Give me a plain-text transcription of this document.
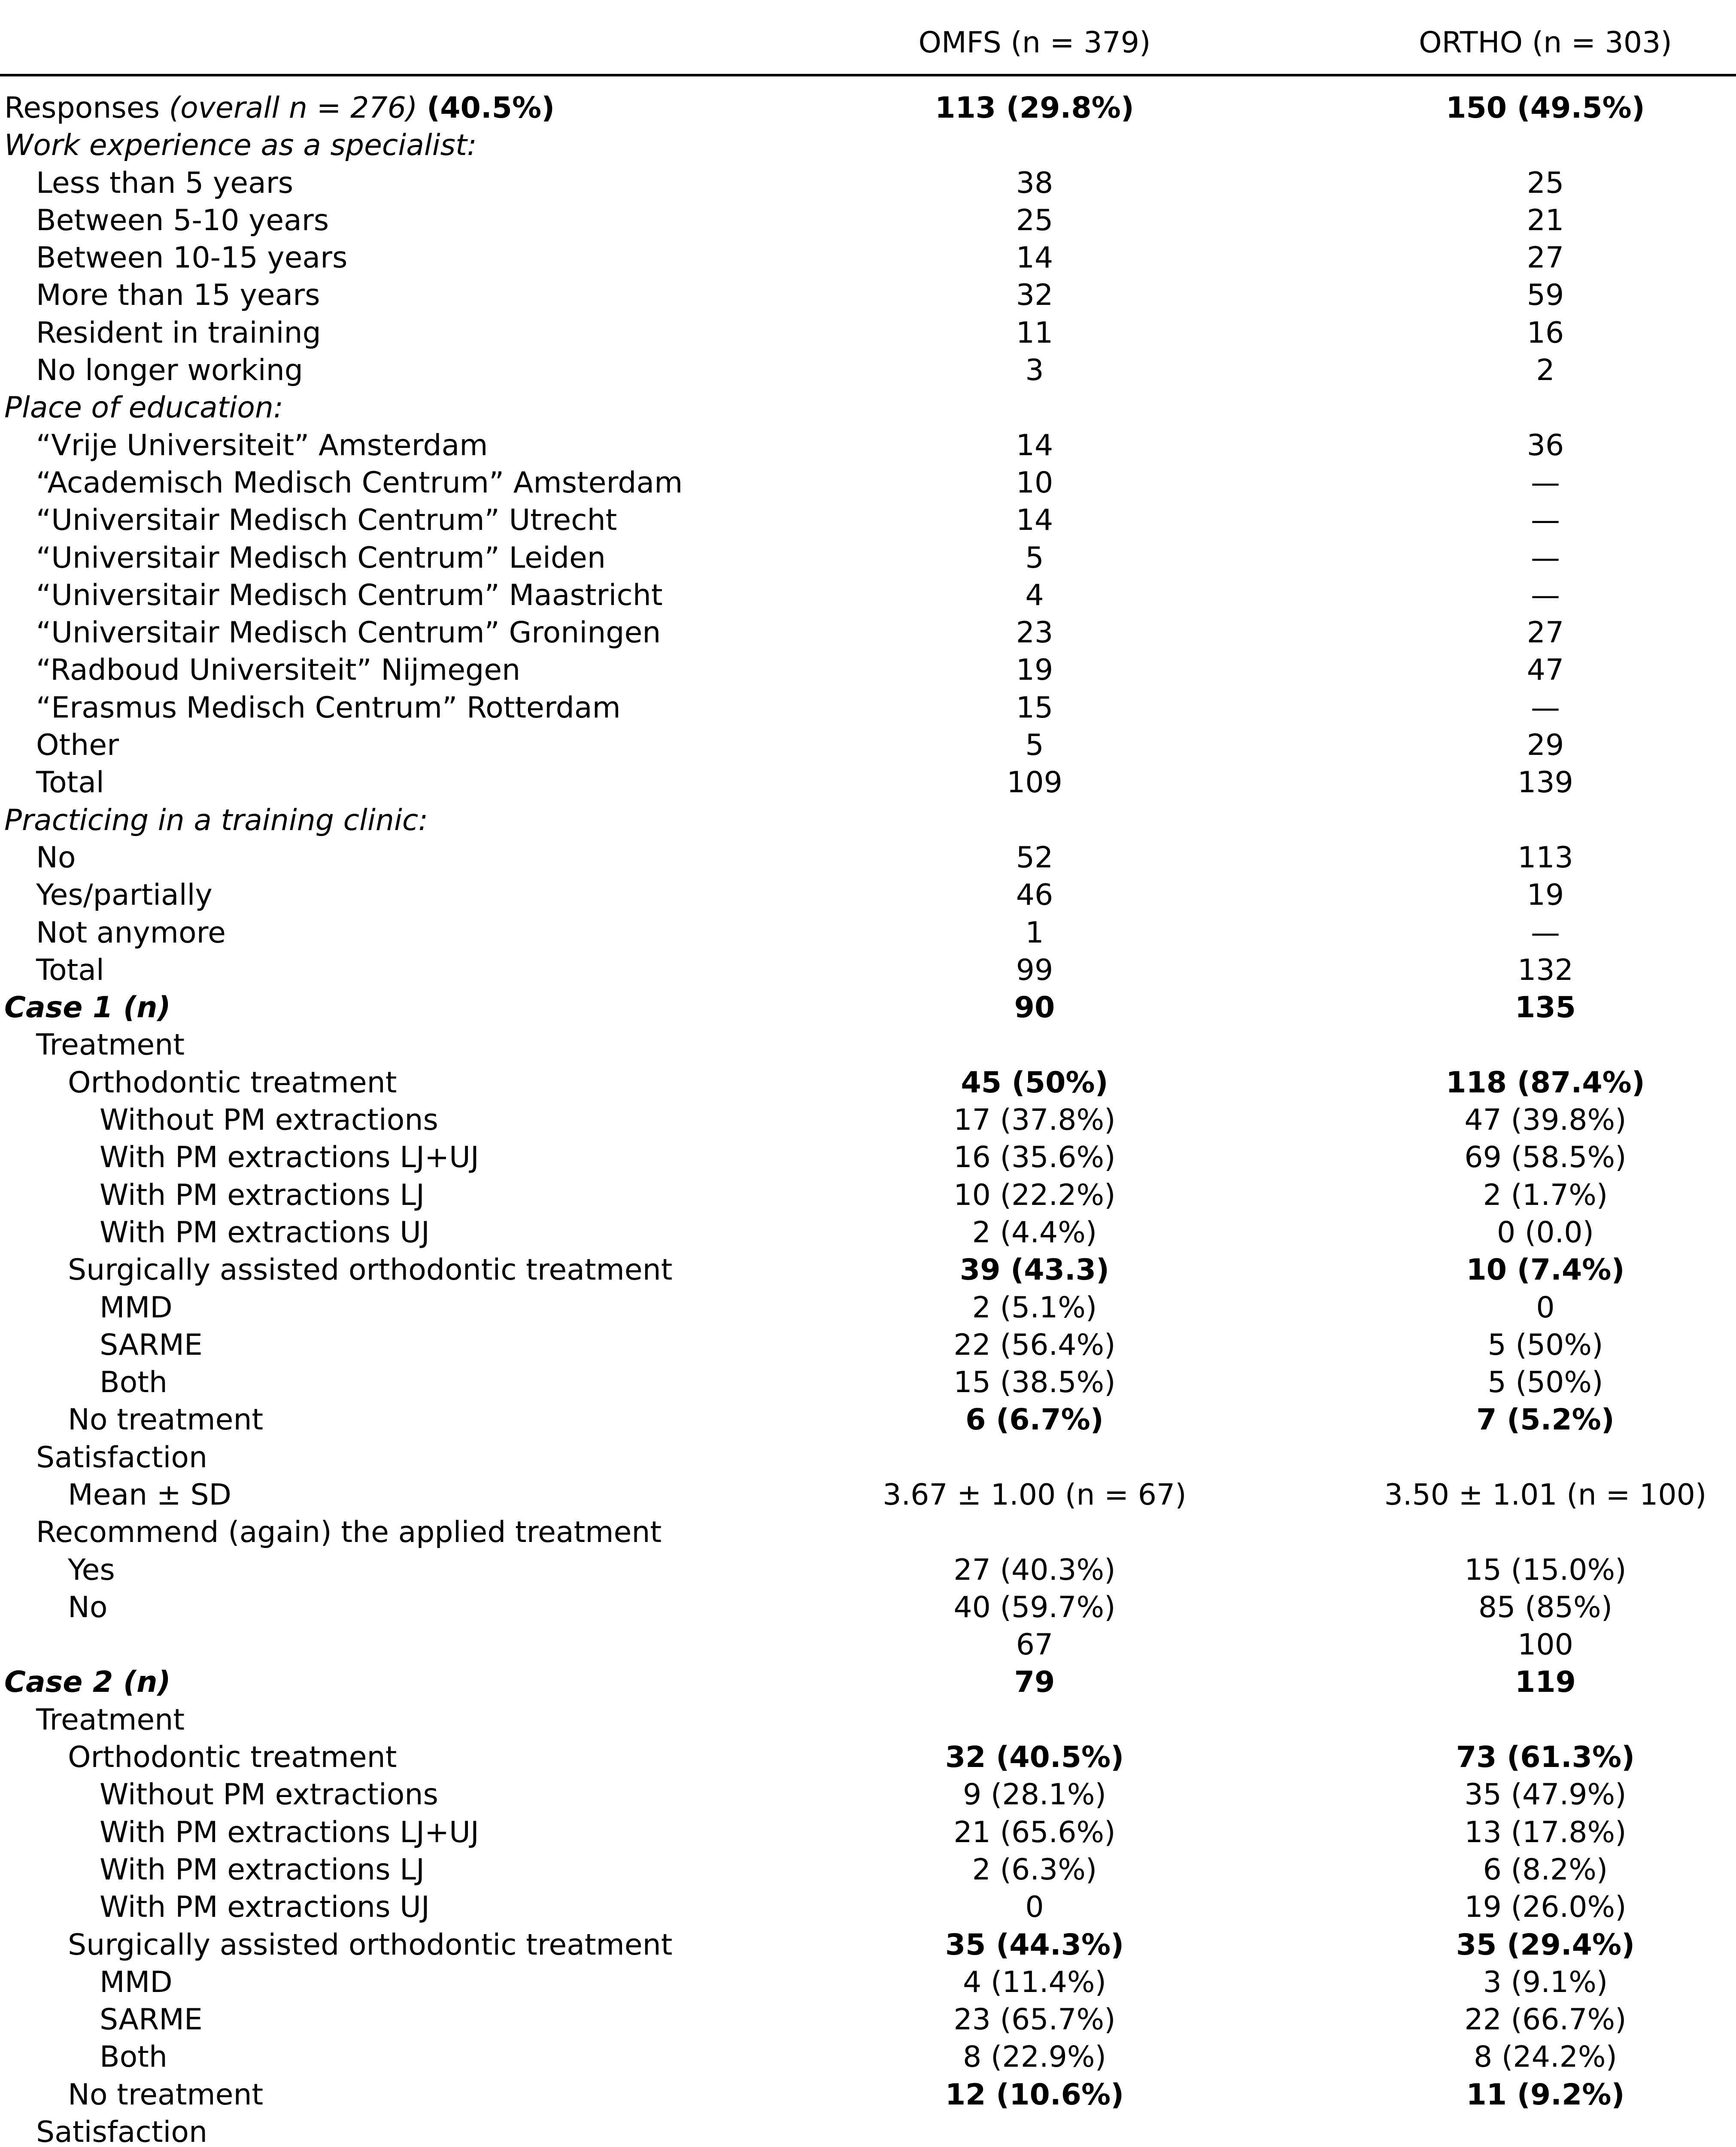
OMFS (n = 379)	ORTHO (n = 303)
Responses (overall n = 276) (40.5%)	113 (29.8%)	150 (49.5%)
Work experience as a specialist:
Less than 5 years	38	25
Between 5-10 years	25	21
Between 10-15 years	14	27
More than 15 years	32	59
Resident in training	11	16
No longer working	3	2
Place of education:
“Vrije Universiteit” Amsterdam	14	36
“Academisch Medisch Centrum” Amsterdam	10	—
“Universitair Medisch Centrum” Utrecht	14	—
“Universitair Medisch Centrum” Leiden	5	—
“Universitair Medisch Centrum” Maastricht	4	—
“Universitair Medisch Centrum” Groningen	23	27
“Radboud Universiteit” Nijmegen	19	47
“Erasmus Medisch Centrum” Rotterdam	15	—
Other	5	29
Total	109	139
Practicing in a training clinic:
No	52	113
Yes/partially	46	19
Not anymore	1	—
Total	99	132
Case 1 (n)	90	135
Treatment
Orthodontic treatment	45 (50%)	118 (87.4%)
Without PM extractions	17 (37.8%)	47 (39.8%)
With PM extractions LJ+UJ	16 (35.6%)	69 (58.5%)
With PM extractions LJ	10 (22.2%)	2 (1.7%)
With PM extractions UJ	2 (4.4%)	0 (0.0)
Surgically assisted orthodontic treatment	39 (43.3)	10 (7.4%)
MMD	2 (5.1%)	0
SARME	22 (56.4%)	5 (50%)
Both	15 (38.5%)	5 (50%)
No treatment	6 (6.7%)	7 (5.2%)
Satisfaction
Mean ± SD	3.67 ± 1.00 (n = 67)	3.50 ± 1.01 (n = 100)
Recommend (again) the applied treatment
Yes	27 (40.3%)	15 (15.0%)
No	40 (59.7%)	85 (85%)
67	100
Case 2 (n)	79	119
Treatment
Orthodontic treatment	32 (40.5%)	73 (61.3%)
Without PM extractions	9 (28.1%)	35 (47.9%)
With PM extractions LJ+UJ	21 (65.6%)	13 (17.8%)
With PM extractions LJ	2 (6.3%)	6 (8.2%)
With PM extractions UJ	0	19 (26.0%)
Surgically assisted orthodontic treatment	35 (44.3%)	35 (29.4%)
MMD	4 (11.4%)	3 (9.1%)
SARME	23 (65.7%)	22 (66.7%)
Both	8 (22.9%)	8 (24.2%)
No treatment	12 (10.6%)	11 (9.2%)
Satisfaction
